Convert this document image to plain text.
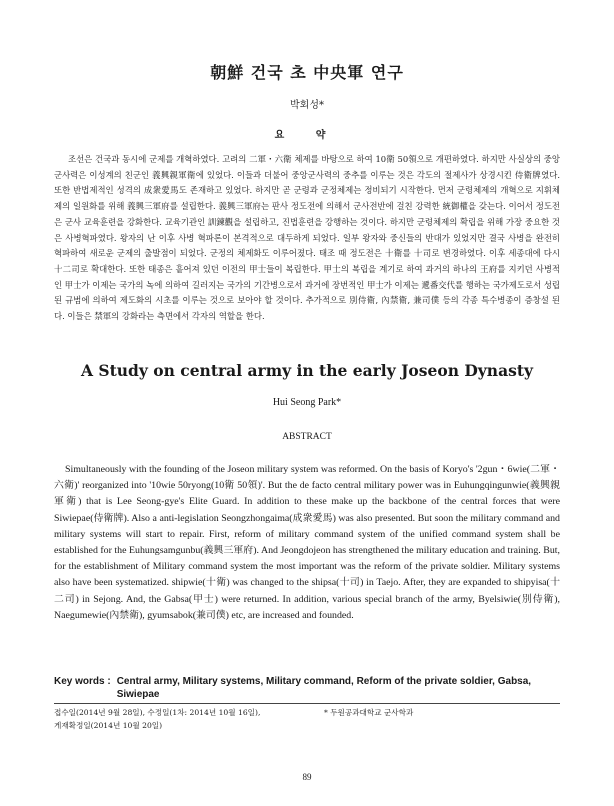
朝鮮 건국 초 中央軍 연구
박회성*
요 약

조선은 건국과 동시에 군제를 개혁하였다. 고려의 二軍・六衛 체제를 바탕으로 하여 10衛 50領으로 개편하였다. 하지만 사실상의 중앙군사력은 이성계의 친군인 義興親軍衛에 있었다. 이들과 더불어 중앙군사력의 중추를 이루는 것은 각도의 절제사가 상경시킨 侍衛牌였다. 또한 반법제적인 성격의 成衆愛馬도 존재하고 있었다. 하지만 곧 군령과 군정체제는 정비되기 시작한다. 먼저 군령체제의 개혁으로 지휘체제의 일원화를 위해 義興三軍府를 설립한다. 義興三軍府는 판사 정도전에 의해서 군사전반에 걸친 강력한 統御權을 갖는다. 이어서 정도전은 군사 교육훈련을 강화한다. 교육기관인 訓鍊觀을 설립하고, 진법훈련을 강행하는 것이다. 하지만 군령체제의 확립을 위해 가장 중요한 것은 사병혁파였다. 왕자의 난 이후 사병 혁파론이 본격적으로 대두하게 되었다. 일부 왕자와 중신들의 반대가 있었지만 결국 사병을 완전히 혁파하여 새로운 군제의 출발점이 되었다. 군정의 체제화도 이루어졌다. 태조 때 정도전은 十衛를 十司로 변경하였다. 이후 세종대에 다시 十二司로 확대한다. 또한 태종은 흩어져 있던 이전의 甲士들이 복립한다. 甲士의 복립을 계기로 하여 과거의 하나의 王府를 지키던 사병적인 甲士가 이제는 국가의 녹에 의하여 길러지는 국가의 기간병으로서 과거에 장번적인 甲士가 이제는 遞番交代를 행하는 국가제도로서 성립된 규범에 의하여 제도화의 시초를 이루는 것으로 보아야 할 것이다. 추가적으로 別侍衛, 內禁衛, 兼司僕 등의 각종 특수병종이 증창설 된다. 이들은 禁軍의 강화라는 측면에서 각자의 역할을 한다.

A Study on central army in the early Joseon Dynasty
Hui Seong Park*
ABSTRACT

Simultaneously with the founding of the Joseon military system was reformed. On the basis of Koryo's '2gun・6wie(二軍・六衛)' reorganized into '10wie 50ryong(10衛 50領)'. But the de facto central military power was in Euhungqingunwie(義興親軍衛) that is Lee Seong-gye's Elite Guard. In addition to these make up the backbone of the central forces that were Siwiepae(侍衛牌). Also a anti-legislation Seongzhongaima(成衆愛馬) was also presented. But soon the military command and military systems will start to repair. First, reform of military command system of the unified command system shall be established for the Euhungsamgunbu(義興三軍府). And Jeongdojeon has strengthened the military education and training. But, for the establishment of Military command system the most important was the reform of the private soldier. Military systems also have been systematized. shipwie(十衛) was changed to the shipsa(十司) in Taejo. After, they are expanded to shipyisa(十二司) in Sejong. And, the Gabsa(甲士) were returned. In addition, various special branch of the army, Byelsiwie(別侍衛), Naegumewie(內禁衛), gyumsabok(兼司僕) etc, are increased and founded.

Key words : Central army, Military systems, Military command, Reform of the private soldier, Gabsa, Siwiepae
접수일(2014년 9월 28일), 수정일(1차: 2014년 10월 16일),
게재확정일(2014년 10월 20일)
* 두원공과대학교 군사학과
89
